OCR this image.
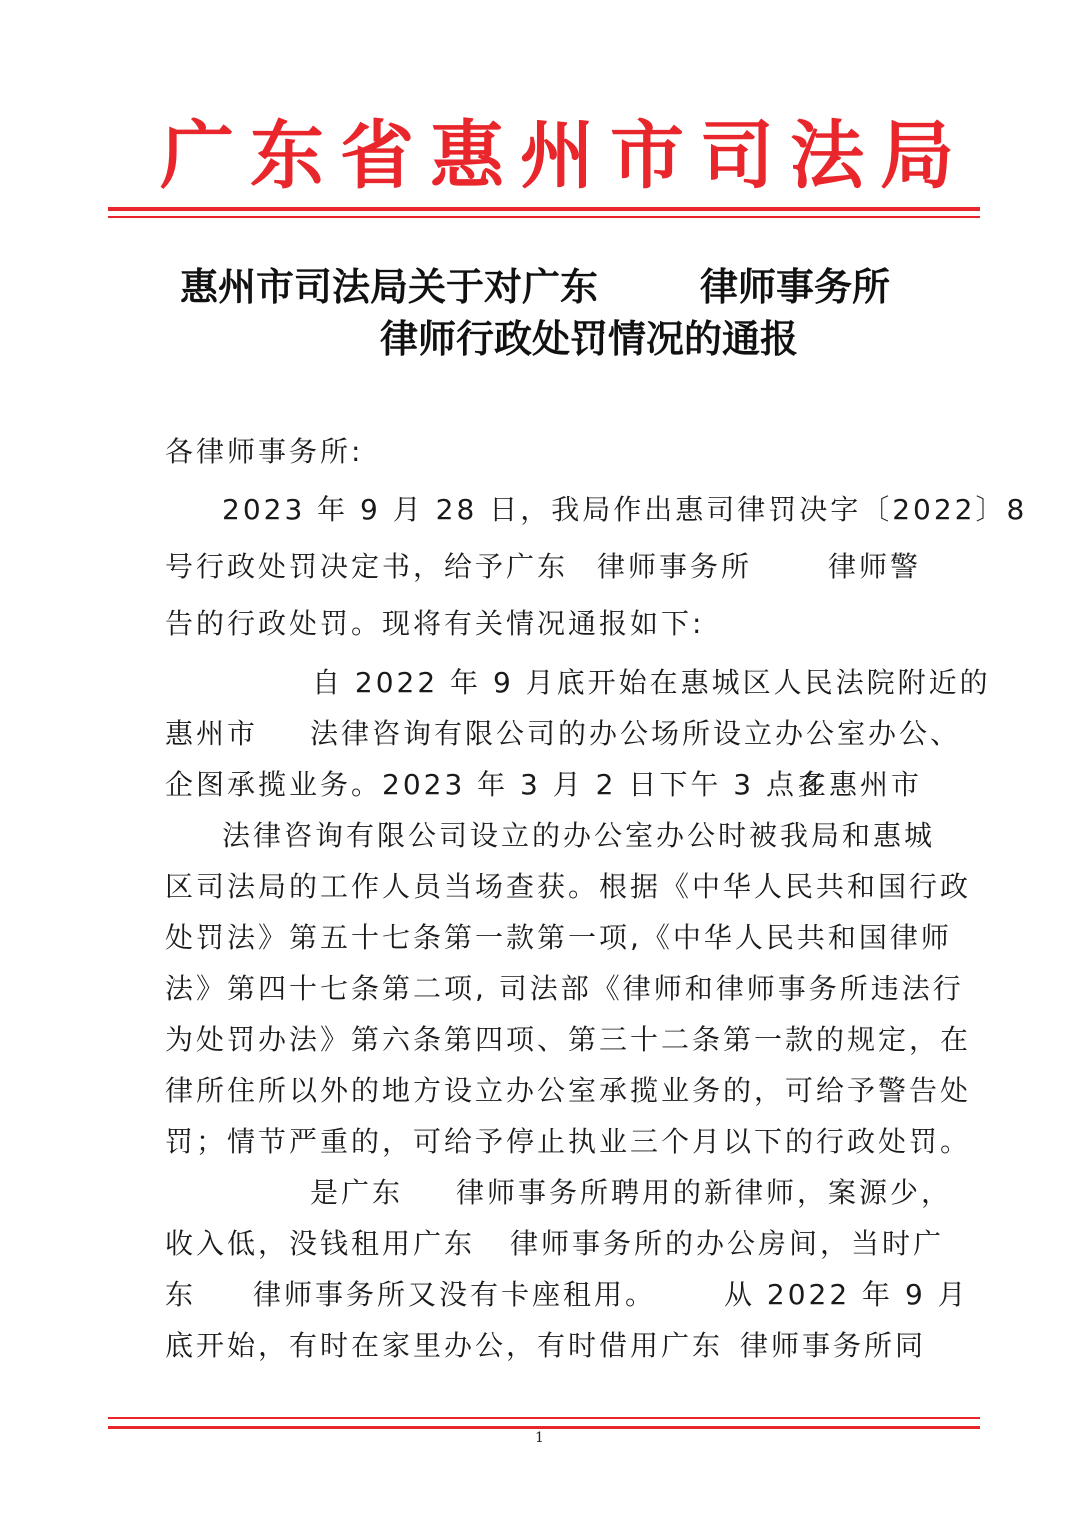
广东省惠州市司法局
惠州市司法局关于对广东	律师事务所
律师行政处罚情况的通报
各律师事务所:
2023 年 9 月 28 日，我局作出惠司律罚决字〔2022〕8
号行政处罚决定书，给予广东 律师事务所	律师警
告的行政处罚。现将有关情况通报如下:
自 2022 年 9 月底开始在惠城区人民法院附近的
惠州市 法律咨询有限公司的办公场所设立办公室办公、
企图承揽业务。2023 年 3 月 2 日下午 3 点多
在惠州市
法律咨询有限公司设立的办公室办公时被我局和惠城
区司法局的工作人员当场查获。根据《中华人民共和国行政
处罚法》第五十七条第一款第一项,《中华人民共和国律师
法》第四十七条第二项, 司法部《律师和律师事务所违法行
为处罚办法》第六条第四项、第三十二条第一款的规定，在
律所住所以外的地方设立办公室承揽业务的，可给予警告处
罚；情节严重的，可给予停止执业三个月以下的行政处罚。
是广东 律师事务所聘用的新律师，案源少，
收入低，没钱租用广东 律师事务所的办公房间，当时广
东 律师事务所又没有卡座租用。 从 2022 年 9 月
底开始，有时在家里办公，有时借用广东 律师事务所同
1
